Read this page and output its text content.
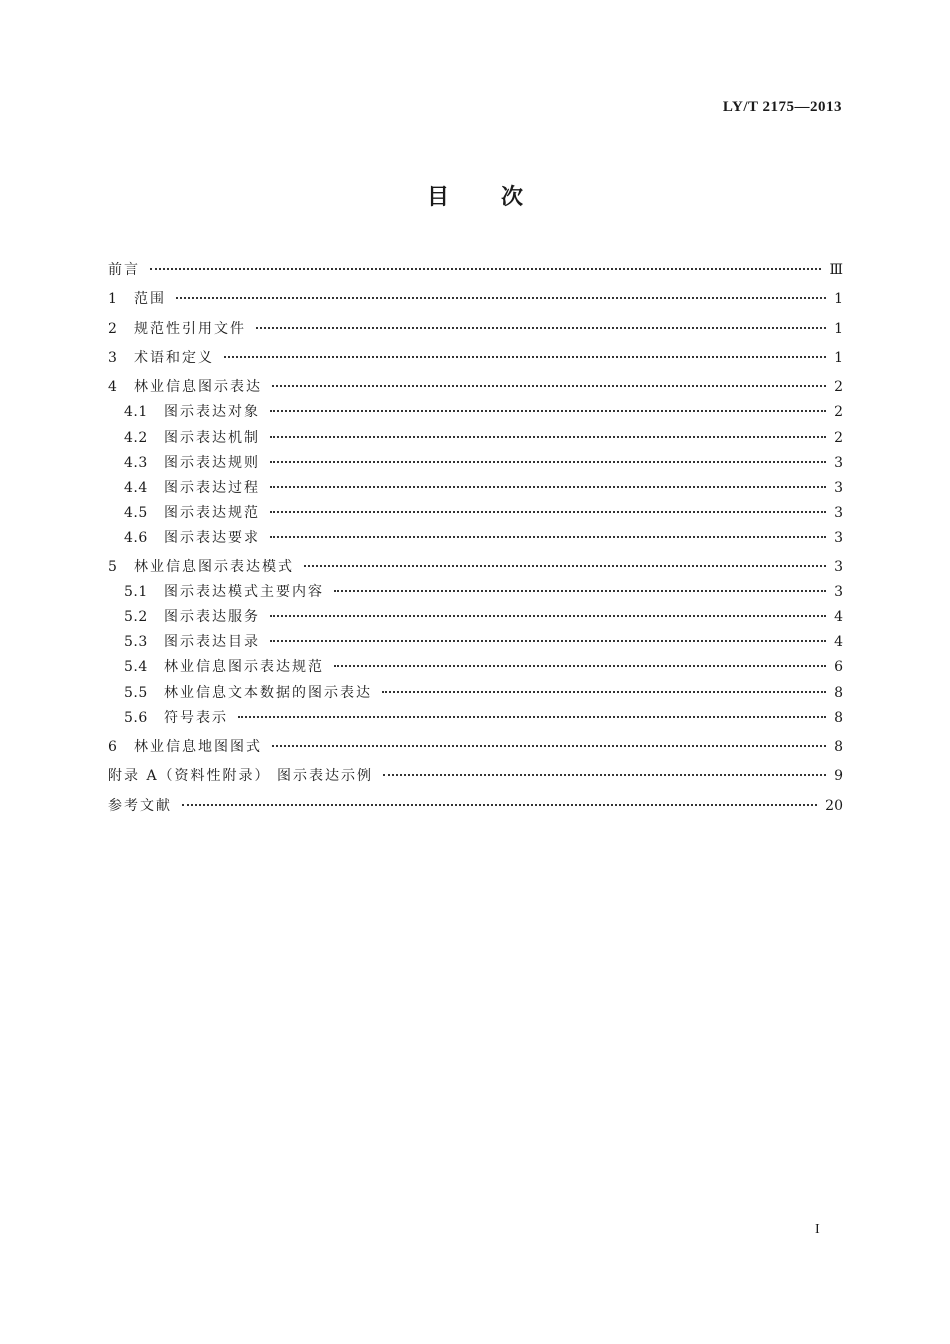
LY/T 2175—2013
目次
前言	Ⅲ
1	范围	1
2	规范性引用文件	1
3	术语和定义	1
4	林业信息图示表达	2
4.1	图示表达对象	2
4.2	图示表达机制	2
4.3	图示表达规则	3
4.4	图示表达过程	3
4.5	图示表达规范	3
4.6	图示表达要求	3
5	林业信息图示表达模式	3
5.1	图示表达模式主要内容	3
5.2	图示表达服务	4
5.3	图示表达目录	4
5.4	林业信息图示表达规范	6
5.5	林业信息文本数据的图示表达	8
5.6	符号表示	8
6	林业信息地图图式	8
附录 A（资料性附录） 图示表达示例	9
参考文献	20
I
